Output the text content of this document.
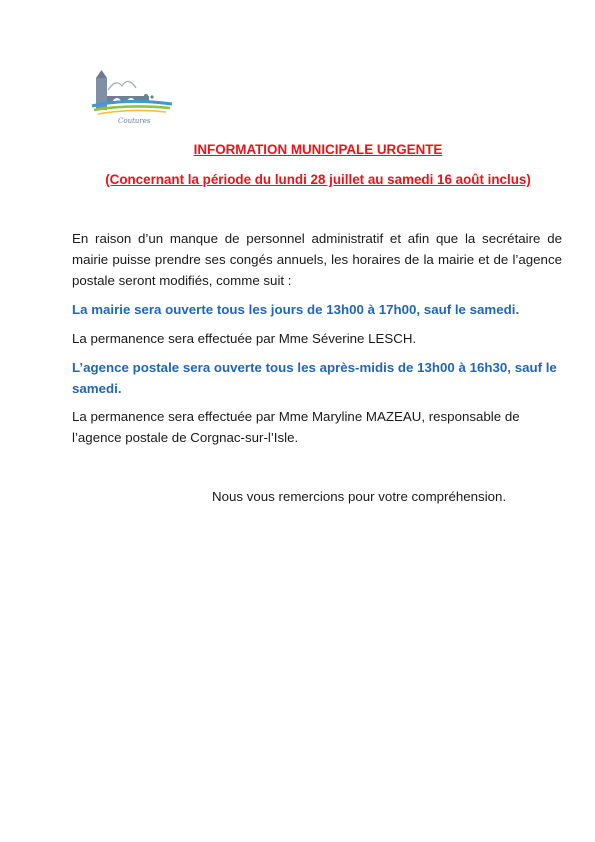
Coutures
INFORMATION MUNICIPALE URGENTE
(Concernant la période du lundi 28 juillet au samedi 16 août inclus)

En raison d’un manque de personnel administratif et afin que la secrétaire de mairie puisse prendre ses congés annuels, les horaires de la mairie et de l’agence postale seront modifiés, comme suit :

La mairie sera ouverte tous les jours de 13h00 à 17h00, sauf le samedi.

La permanence sera effectuée par Mme Séverine LESCH.

L’agence postale sera ouverte tous les après-midis de 13h00 à 16h30, sauf le samedi.

La permanence sera effectuée par Mme Maryline MAZEAU, responsable de l’agence postale de Corgnac-sur-l’Isle.

Nous vous remercions pour votre compréhension.
